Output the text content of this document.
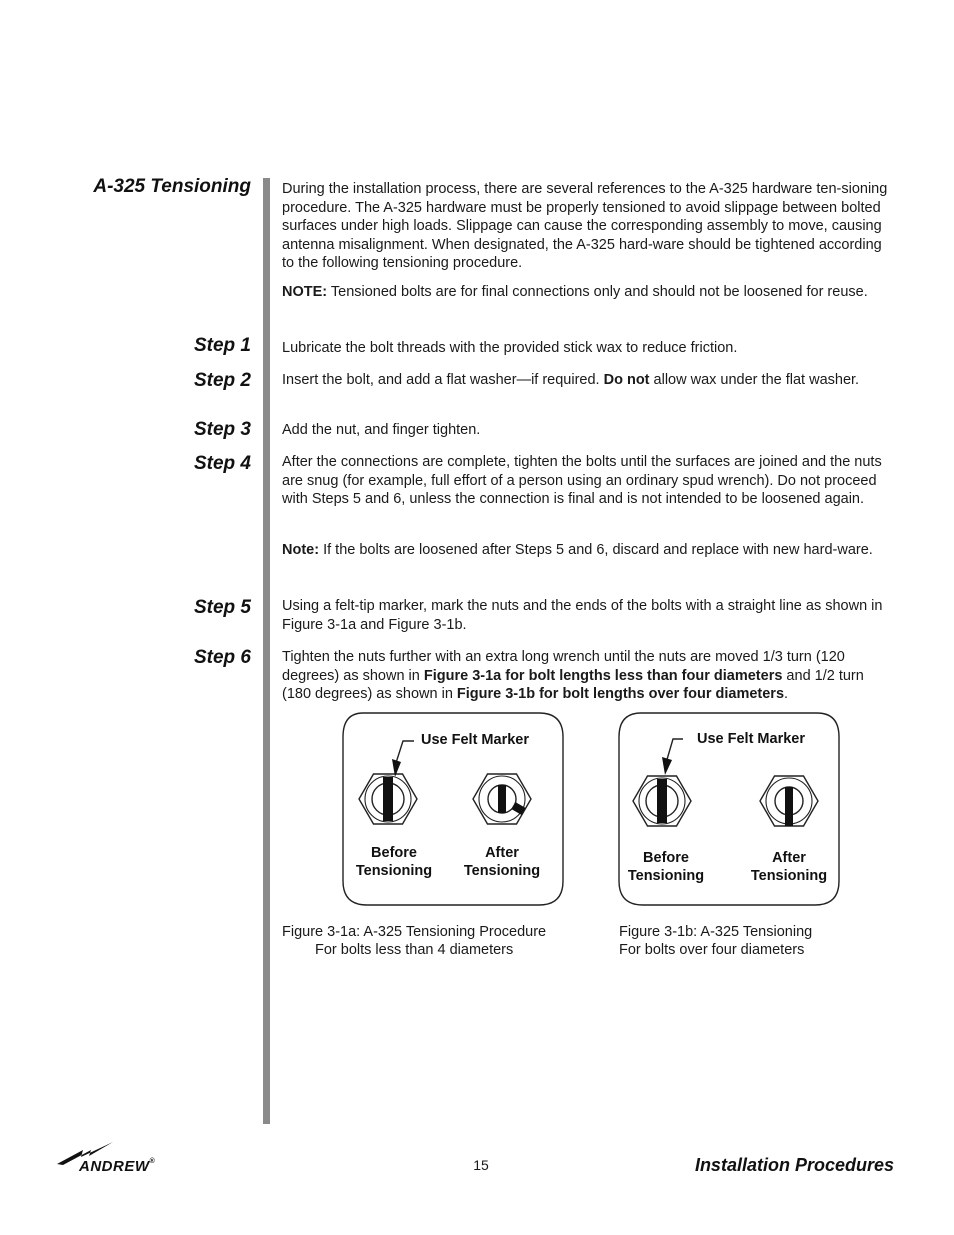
A-325 Tensioning
Step 1
Step 2
Step 3
Step 4
Step 5
Step 6

During the installation process, there are several references to the A-325 hardware ten-sioning procedure. The A-325 hardware must be properly tensioned to avoid slippage between bolted surfaces under high loads. Slippage can cause the corresponding assembly to move, causing antenna misalignment. When designated, the A-325 hard-ware should be tightened according to the following tensioning procedure.

NOTE: Tensioned bolts are for final connections only and should not be loosened for reuse.

Lubricate the bolt threads with the provided stick wax to reduce friction.

Insert the bolt, and add a flat washer—if required. Do not allow wax under the flat washer.

Add the nut, and finger tighten.

After the connections are complete, tighten the bolts until the surfaces are joined and the nuts are snug (for example, full effort of a person using an ordinary spud wrench). Do not proceed with Steps 5 and 6, unless the connection is final and is not intended to be loosened again.

Note: If the bolts are loosened after Steps 5 and 6, discard and replace with new hard-ware.

Using a felt-tip marker, mark the nuts and the ends of the bolts with a straight line as shown in Figure 3-1a and Figure 3-1b.

Tighten the nuts further with an extra long wrench until the nuts are moved 1/3 turn (120 degrees) as shown in Figure 3-1a for bolt lengths less than four diameters and 1/2 turn (180 degrees) as shown in Figure 3-1b for bolt lengths over four diameters.

Use Felt Marker
Before
Tensioning
After
Tensioning
Figure 3-1a: A-325 Tensioning Procedure
For bolts less than 4 diameters
Use Felt Marker
Before
Tensioning
After
Tensioning
Figure 3-1b: A-325 Tensioning
For bolts over four diameters
ANDREW®	15	Installation Procedures
